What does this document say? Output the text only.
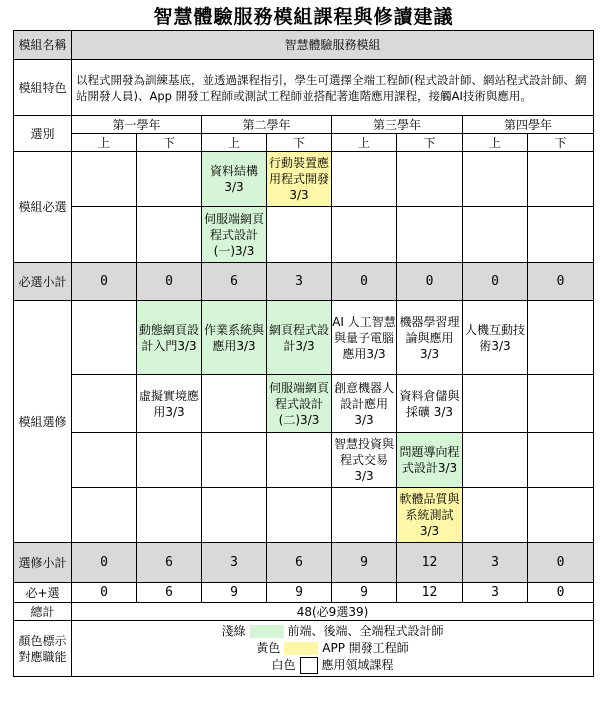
智慧體驗服務模組課程與修讀建議
模組名稱	智慧體驗服務模組							
模組特色	以程式開發為訓練基底，並透過課程指引，學生可選擇全端工程師(程式設計師、網站程式設計師、網站開發人員)、App 開發工程師或測試工程師並搭配著進階應用課程，接觸AI技術與應用。							
選別	第一學年		第二學年		第三學年		第四學年	
	上	下	上	下	上	下	上	下
模組必選			資料結構3/3	行動裝置應用程式開發3/3				
			伺服端網頁程式設計(一)3/3					
必選小計	0	0	6	3	0	0	0	0
模組選修		動態網頁設計入門3/3	作業系統與應用3/3	網頁程式設計3/3	AI 人工智慧與量子電腦應用3/3	機器學習理論與應用3/3	人機互動技術3/3	
		虛擬實境應用3/3		伺服端網頁程式設計(二)3/3	創意機器人設計應用3/3	資料倉儲與採礦 3/3		
					智慧投資與程式交易3/3	問題導向程式設計3/3		
						軟體品質與系統測試3/3		
選修小計	0	6	3	6	9	12	3	0
必+選	0	6	9	9	9	12	3	0
總計	48(必9選39)							
顏色標示對應職能	淺綠 前端、後端、全端程式設計師
黃色 APP 開發工程師
白色 應用領域課程							
